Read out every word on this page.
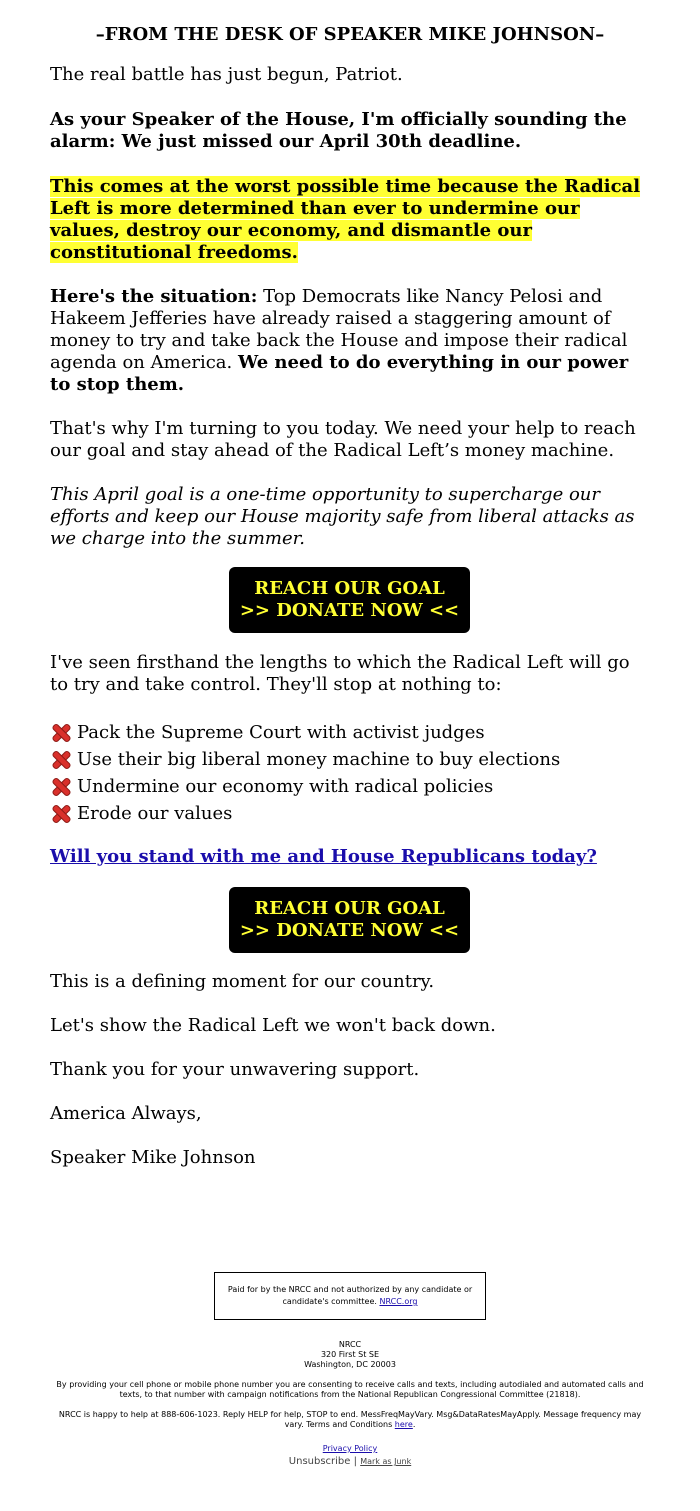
–FROM THE DESK OF SPEAKER MIKE JOHNSON–
The real battle has just begun, Patriot.
As your Speaker of the House, I'm officially sounding the alarm: We just missed our April 30th deadline.
This comes at the worst possible time because the Radical Left is more determined than ever to undermine our values, destroy our economy, and dismantle our constitutional freedoms.
Here's the situation: Top Democrats like Nancy Pelosi and Hakeem Jefferies have already raised a staggering amount of money to try and take back the House and impose their radical agenda on America. We need to do everything in our power to stop them.
That's why I'm turning to you today. We need your help to reach our goal and stay ahead of the Radical Left’s money machine.
This April goal is a one-time opportunity to supercharge our efforts and keep our House majority safe from liberal attacks as we charge into the summer.
REACH OUR GOAL
>> DONATE NOW <<
I've seen firsthand the lengths to which the Radical Left will go to try and take control. They'll stop at nothing to:
Pack the Supreme Court with activist judges
Use their big liberal money machine to buy elections
Undermine our economy with radical policies
Erode our values
Will you stand with me and House Republicans today?
REACH OUR GOAL
>> DONATE NOW <<
This is a defining moment for our country.
Let's show the Radical Left we won't back down.
Thank you for your unwavering support.
America Always,
Speaker Mike Johnson
Paid for by the NRCC and not authorized by any candidate or candidate's committee. NRCC.org
NRCC
320 First St SE
Washington, DC 20003
By providing your cell phone or mobile phone number you are consenting to receive calls and texts, including autodialed and automated calls and texts, to that number with campaign notifications from the National Republican Congressional Committee (21818).
NRCC is happy to help at 888-606-1023. Reply HELP for help, STOP to end. MessFreqMayVary. Msg&DataRatesMayApply. Message frequency may vary. Terms and Conditions here.
Privacy Policy
Unsubscribe | Mark as Junk
